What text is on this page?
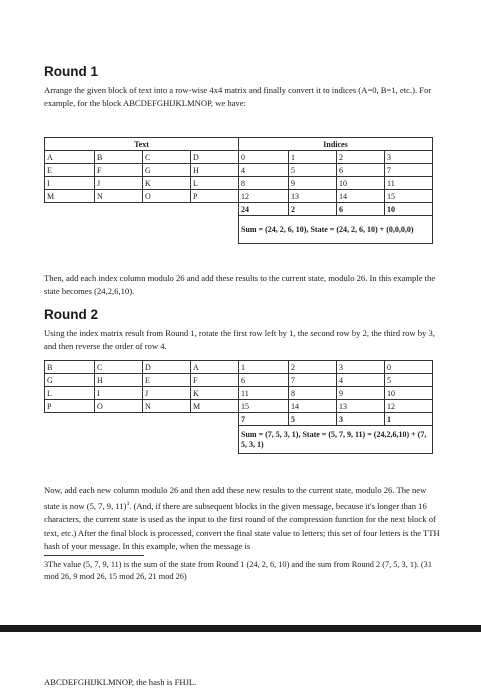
Round 1

Arrange the given block of text into a row-wise 4x4 matrix and finally convert it to indices (A=0, B=1, etc.). For example, for the block ABCDEFGHIJKLMNOP, we have:

Text				Indices			
A	B	C	D	0	1	2	3
E	F	G	H	4	5	6	7
I	J	K	L	8	9	10	11
M	N	O	P	12	13	14	15
				24	2	6	10
				Sum = (24, 2, 6, 10), State = (24, 2, 6, 10) + (0,0,0,0)			

Then, add each index column modulo 26 and add these results to the current state, modulo 26. In this example the state becomes (24,2,6,10).

Round 2

Using the index matrix result from Round 1, rotate the first row left by 1, the second row by 2, the third row by 3, and then reverse the order of row 4.

B	C	D	A	1	2	3	0
G	H	E	F	6	7	4	5
L	I	J	K	11	8	9	10
P	O	N	M	15	14	13	12
				7	5	3	1
				Sum = (7, 5, 3, 1), State = (5, 7, 9, 11) = (24,2,6,10) + (7, 5, 3, 1)			

Now, add each new column modulo 26 and then add these new results to the current state, modulo 26. The new state is now (5, 7, 9, 11)$^3$. (And, if there are subsequent blocks in the given message, because it's longer than 16 characters, the current state is used as the input to the first round of the compression function for the next block of text, etc.) After the final block is processed, convert the final state value to letters; this set of four letters is the TTH hash of your message. In this example, when the message is

3The value (5, 7, 9, 11) is the sum of the state from Round 1 (24, 2, 6, 10) and the sum from Round 2 (7, 5, 3, 1). (31 mod 26, 9 mod 26, 15 mod 26, 21 mod 26)

ABCDEFGHIJKLMNOP, the hash is FHJL.
